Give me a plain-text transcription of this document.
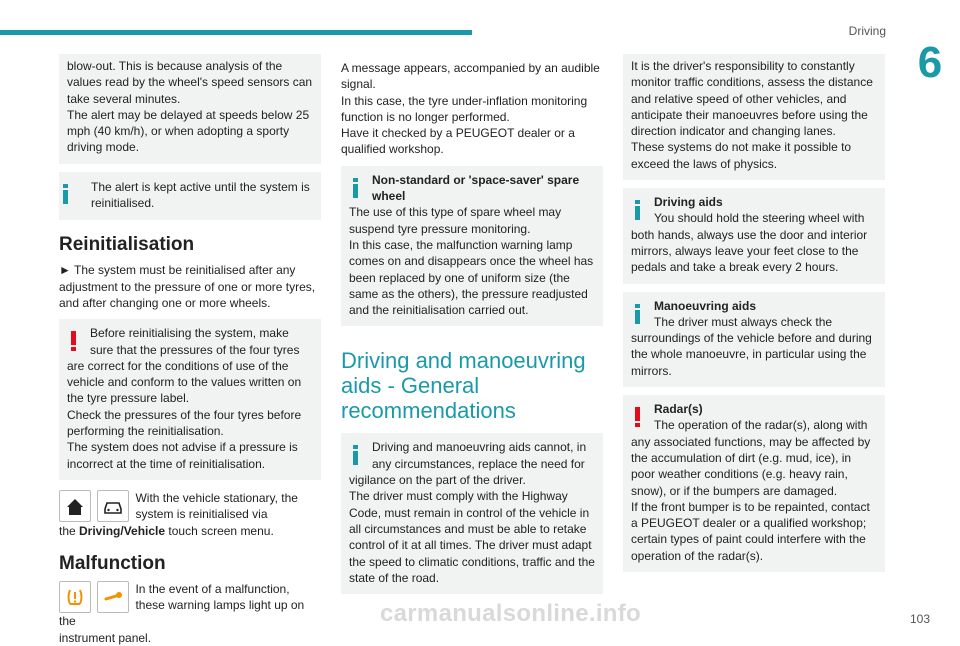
Driving
6

blow-out. This is because analysis of the values read by the wheel's speed sensors can take several minutes.
The alert may be delayed at speeds below 25 mph (40 km/h), or when adopting a sporty driving mode.

The alert is kept active until the system is reinitialised.

Reinitialisation

► The system must be reinitialised after any adjustment to the pressure of one or more tyres, and after changing one or more wheels.

Before reinitialising the system, make sure that the pressures of the four tyres

are correct for the conditions of use of the vehicle and conform to the values written on the tyre pressure label.
Check the pressures of the four tyres before performing the reinitialisation.
The system does not advise if a pressure is incorrect at the time of reinitialisation.

With the vehicle stationary, the system is reinitialised via

the Driving/Vehicle touch screen menu.

Malfunction

In the event of a malfunction, these warning lamps light up on the

instrument panel.

A message appears, accompanied by an audible signal.
In this case, the tyre under-inflation monitoring function is no longer performed.
Have it checked by a PEUGEOT dealer or a qualified workshop.

Non-standard or 'space-saver' spare wheel

The use of this type of spare wheel may suspend tyre pressure monitoring.
In this case, the malfunction warning lamp comes on and disappears once the wheel has been replaced by one of uniform size (the same as the others), the pressure readjusted and the reinitialisation carried out.

Driving and manoeuvring aids - General recommendations

Driving and manoeuvring aids cannot, in any circumstances, replace the need for

vigilance on the part of the driver.
The driver must comply with the Highway Code, must remain in control of the vehicle in all circumstances and must be able to retake control of it at all times. The driver must adapt the speed to climatic conditions, traffic and the state of the road.

It is the driver's responsibility to constantly monitor traffic conditions, assess the distance and relative speed of other vehicles, and anticipate their manoeuvres before using the direction indicator and changing lanes.
These systems do not make it possible to exceed the laws of physics.

Driving aids

You should hold the steering wheel with

both hands, always use the door and interior mirrors, always leave your feet close to the pedals and take a break every 2 hours.

Manoeuvring aids

The driver must always check the

surroundings of the vehicle before and during the whole manoeuvre, in particular using the mirrors.

Radar(s)

The operation of the radar(s), along with

any associated functions, may be affected by the accumulation of dirt (e.g. mud, ice), in poor weather conditions (e.g. heavy rain, snow), or if the bumpers are damaged.
If the front bumper is to be repainted, contact a PEUGEOT dealer or a qualified workshop; certain types of paint could interfere with the operation of the radar(s).

carmanualsonline.info	103
